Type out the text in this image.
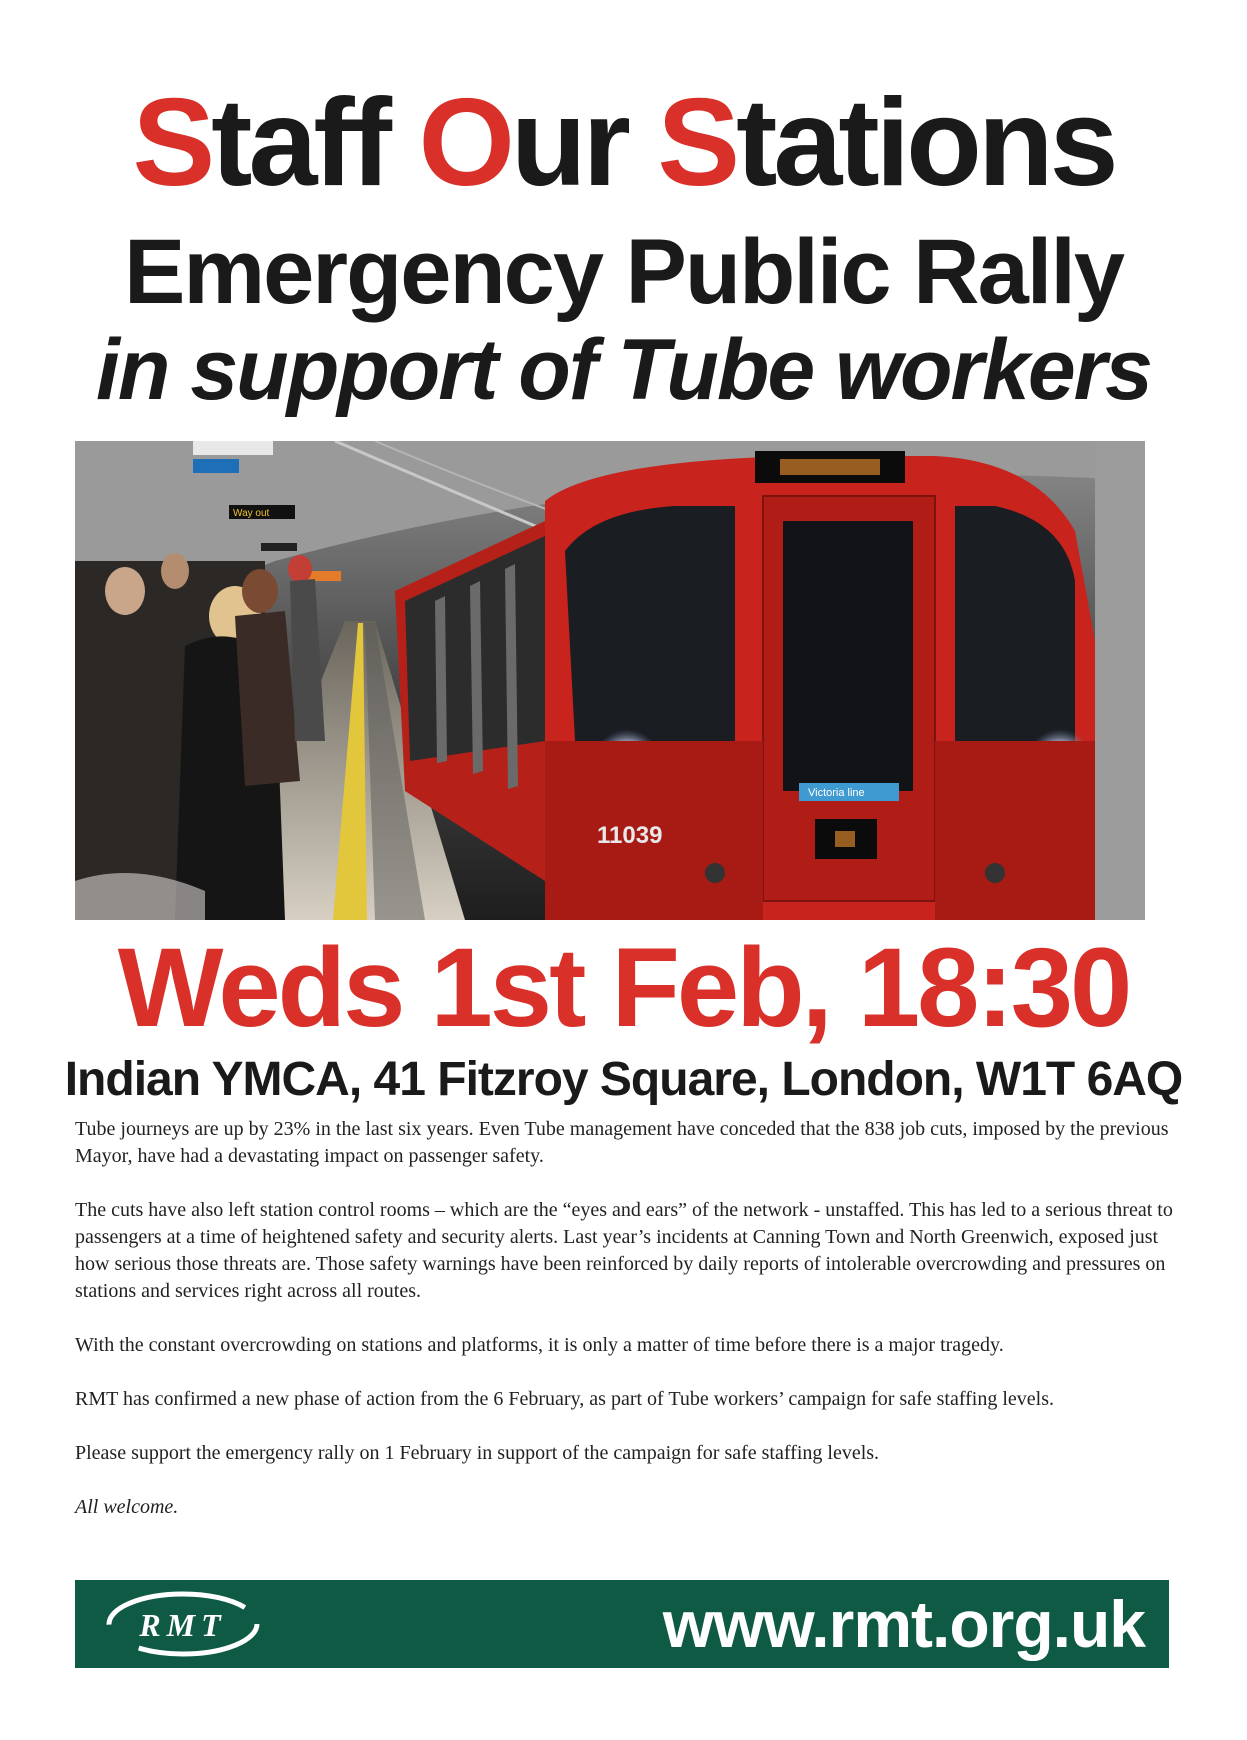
Staff Our Stations
Emergency Public Rally
in support of Tube workers
Way out
Victoria line
11039
Weds 1st Feb, 18:30
Indian YMCA, 41 Fitzroy Square, London, W1T 6AQ

Tube journeys are up by 23% in the last six years. Even Tube management have conceded that the 838 job cuts, imposed by the previous Mayor, have had a devastating impact on passenger safety.

The cuts have also left station control rooms – which are the “eyes and ears” of the network - unstaffed. This has led to a serious threat to passengers at a time of heightened safety and security alerts. Last year’s incidents at Canning Town and North Greenwich, exposed just how serious those threats are. Those safety warnings have been reinforced by daily reports of intolerable overcrowding and pressures on stations and services right across all routes.

With the constant overcrowding on stations and platforms, it is only a matter of time before there is a major tragedy.

RMT has confirmed a new phase of action from the 6 February, as part of Tube workers’ campaign for safe staffing levels.

Please support the emergency rally on 1 February in support of the campaign for safe staffing levels.

All welcome.

RMT	www.rmt.org.uk
